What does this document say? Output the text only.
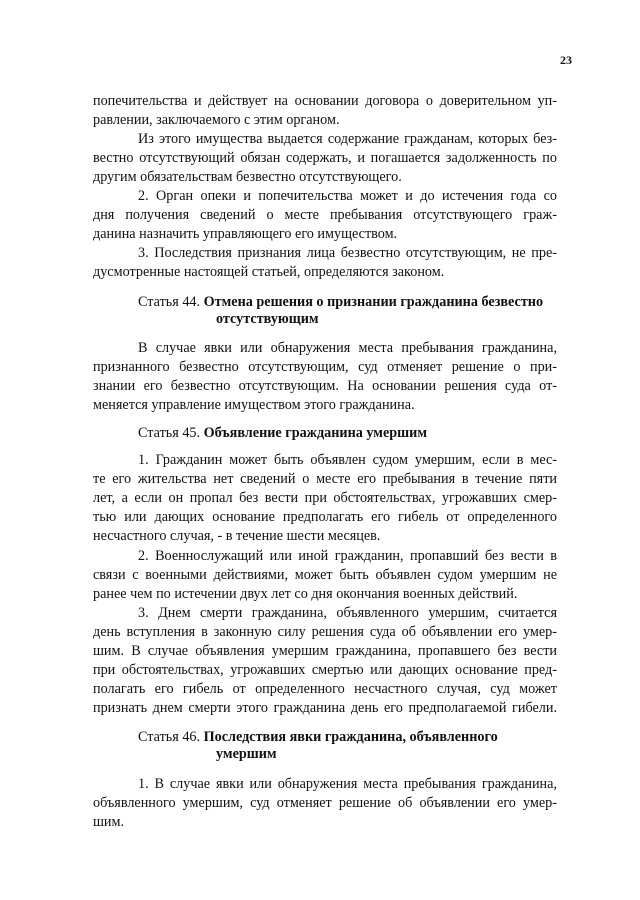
23
попечительства и действует на основании договора о доверительном уп-
равлении, заключаемого с этим органом.
Из этого имущества выдается содержание гражданам, которых без-
вестно отсутствующий обязан содержать, и погашается задолженность по
другим обязательствам безвестно отсутствующего.
2. Орган опеки и попечительства может и до истечения года со
дня получения сведений о месте пребывания отсутствующего граж-
данина назначить управляющего его имуществом.
3. Последствия признания лица безвестно отсутствующим, не пре-
дусмотренные настоящей статьей, определяются законом.
Статья 44. Отмена решения о признании гражданина безвестно
отсутствующим
В случае явки или обнаружения места пребывания гражданина,
признанного безвестно отсутствующим, суд отменяет решение о при-
знании его безвестно отсутствующим. На основании решения суда от-
меняется управление имуществом этого гражданина.
Статья 45. Объявление гражданина умершим
1. Гражданин может быть объявлен судом умершим, если в мес-
те его жительства нет сведений о месте его пребывания в течение пяти
лет, а если он пропал без вести при обстоятельствах, угрожавших смер-
тью или дающих основание предполагать его гибель от определенного
несчастного случая, - в течение шести месяцев.
2. Военнослужащий или иной гражданин, пропавший без вести в
связи с военными действиями, может быть объявлен судом умершим не
ранее чем по истечении двух лет со дня окончания военных действий.
3. Днем смерти гражданина, объявленного умершим, считается
день вступления в законную силу решения суда об объявлении его умер-
шим. В случае объявления умершим гражданина, пропавшего без вести
при обстоятельствах, угрожавших смертью или дающих основание пред-
полагать его гибель от определенного несчастного случая, суд может
признать днем смерти этого гражданина день его предполагаемой гибели.
Статья 46. Последствия явки гражданина, объявленного
умершим
1. В случае явки или обнаружения места пребывания гражданина,
объявленного умершим, суд отменяет решение об объявлении его умер-
шим.
